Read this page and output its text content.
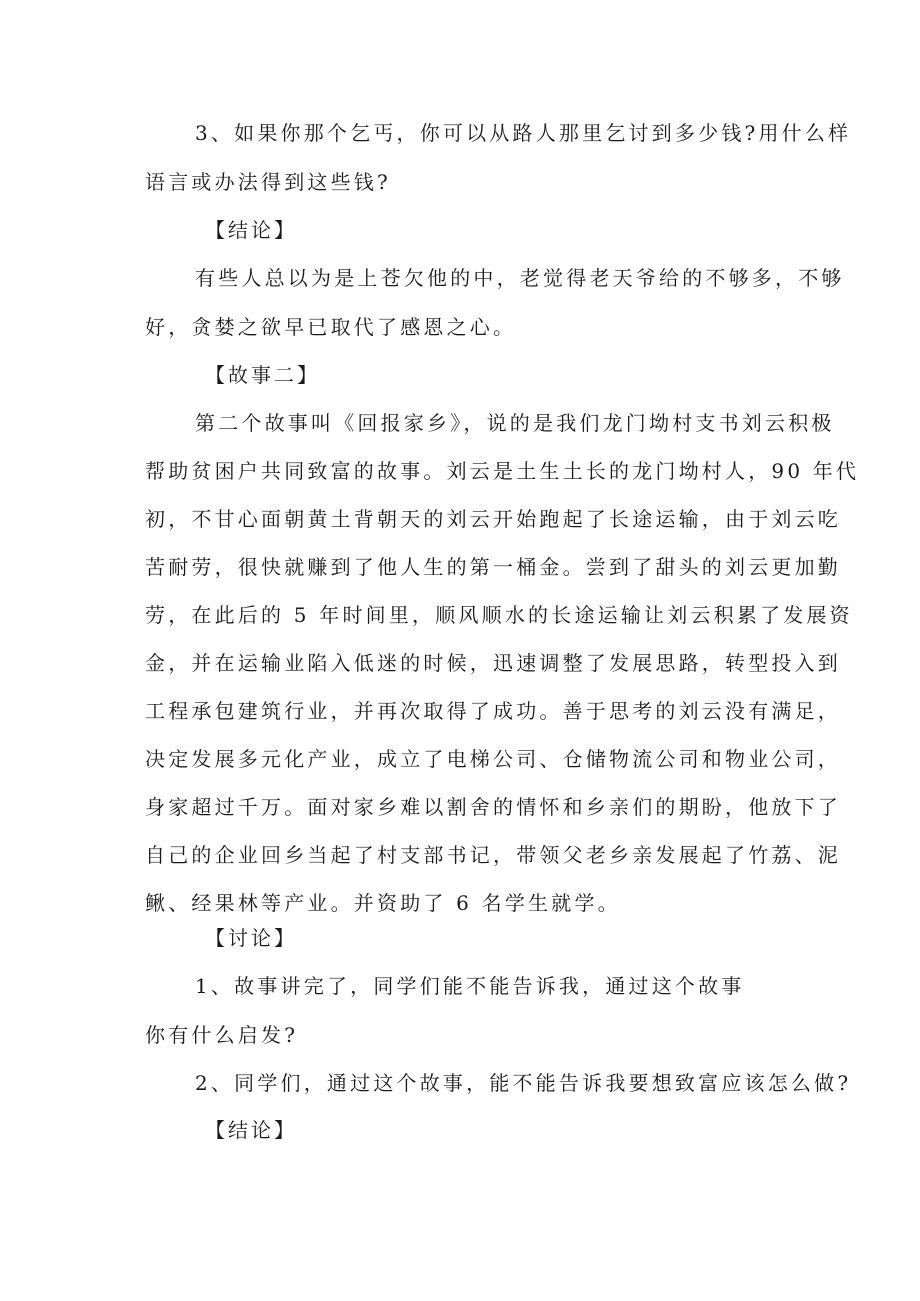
3、如果你那个乞丐，你可以从路人那里乞讨到多少钱?用什么样

语言或办法得到这些钱?

【结论】

有些人总以为是上苍欠他的中，老觉得老天爷给的不够多，不够

好，贪婪之欲早已取代了感恩之心。

【故事二】

第二个故事叫《回报家乡》，说的是我们龙门坳村支书刘云积极

帮助贫困户共同致富的故事。刘云是土生土长的龙门坳村人，90 年代

初，不甘心面朝黄土背朝天的刘云开始跑起了长途运输，由于刘云吃

苦耐劳，很快就赚到了他人生的第一桶金。尝到了甜头的刘云更加勤

劳，在此后的 5 年时间里，顺风顺水的长途运输让刘云积累了发展资

金，并在运输业陷入低迷的时候，迅速调整了发展思路，转型投入到

工程承包建筑行业，并再次取得了成功。善于思考的刘云没有满足，

决定发展多元化产业，成立了电梯公司、仓储物流公司和物业公司，

身家超过千万。面对家乡难以割舍的情怀和乡亲们的期盼，他放下了

自己的企业回乡当起了村支部书记，带领父老乡亲发展起了竹荔、泥

鳅、经果林等产业。并资助了 6 名学生就学。

【讨论】

1、故事讲完了，同学们能不能告诉我，通过这个故事

你有什么启发?

2、同学们，通过这个故事，能不能告诉我要想致富应该怎么做?

【结论】
